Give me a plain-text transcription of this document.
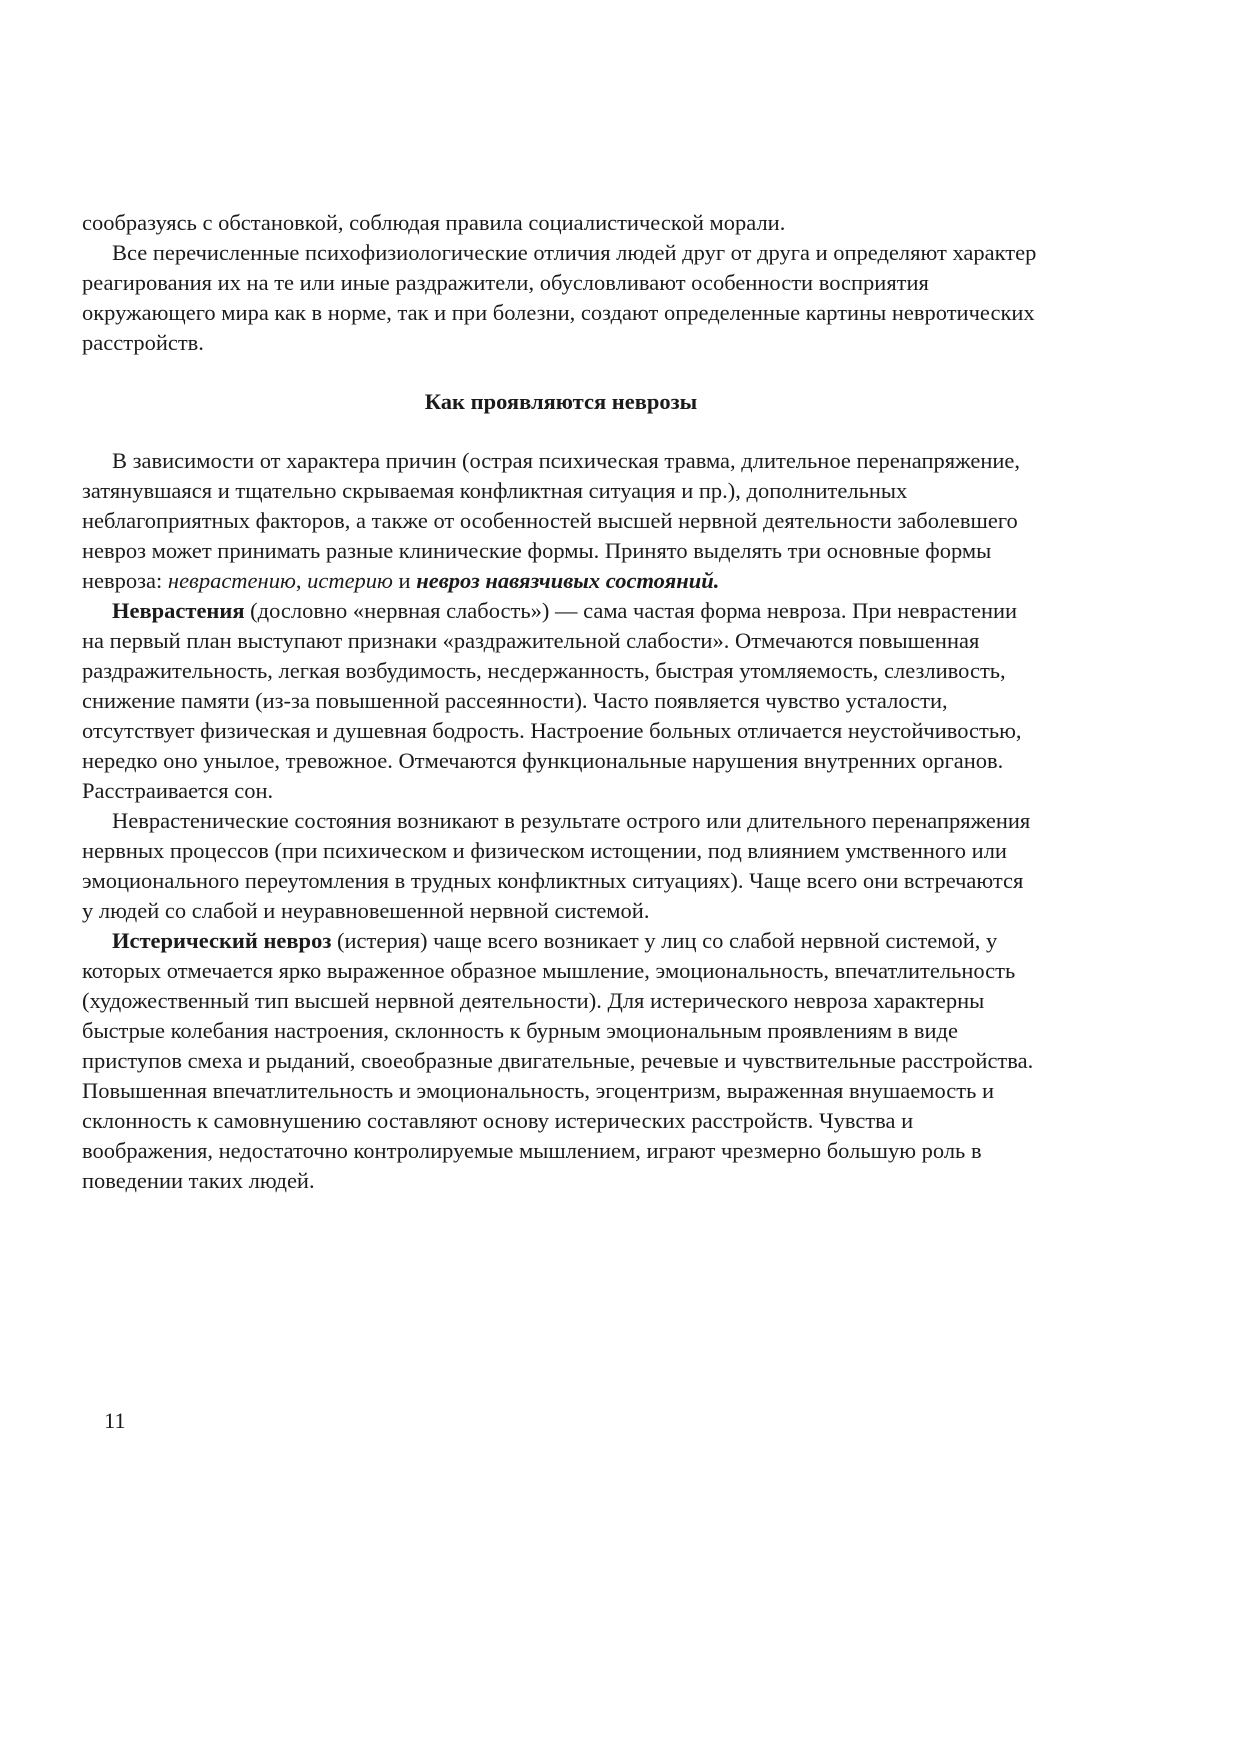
сообразуясь с обстановкой, соблюдая правила социалистической морали.

Все перечисленные психофизиологические отличия людей друг от друга и определяют характер реагирования их на те или иные раздражители, обусловливают особенности восприятия окружающего мира как в норме, так и при болезни, создают определенные картины невротических расстройств.

Как проявляются неврозы

В зависимости от характера причин (острая психическая травма, длительное перенапряжение, затянувшаяся и тщательно скрываемая конфликтная ситуация и пр.), дополнительных неблагоприятных факторов, а также от особенностей высшей нервной деятельности заболевшего невроз может принимать разные клинические формы. Принято выделять три основные формы невроза: неврастению, истерию и невроз навязчивых состояний.

Неврастения (дословно «нервная слабость») — сама частая форма невроза. При неврастении на первый план выступают признаки «раздражительной слабости». Отмечаются повышенная раздражительность, легкая возбудимость, несдержанность, быстрая утомляемость, слезливость, снижение памяти (из-за повышенной рассеянности). Часто появляется чувство усталости, отсутствует физическая и душевная бодрость. Настроение больных отличается неустойчивостью, нередко оно унылое, тревожное. Отмечаются функциональные нарушения внутренних органов. Расстраивается сон.

Неврастенические состояния возникают в результате острого или длительного перенапряжения нервных процессов (при психическом и физическом истощении, под влиянием умственного или эмоционального переутомления в трудных конфликтных ситуациях). Чаще всего они встречаются у людей со слабой и неуравновешенной нервной системой.

Истерический невроз (истерия) чаще всего возникает у лиц со слабой нервной системой, у которых отмечается ярко выраженное образное мышление, эмоциональность, впечатлительность (художественный тип высшей нервной деятельности). Для истерического невроза характерны быстрые колебания настроения, склонность к бурным эмоциональным проявлениям в виде приступов смеха и рыданий, своеобразные двигательные, речевые и чувствительные расстройства. Повышенная впечатлительность и эмоциональность, эгоцентризм, выраженная внушаемость и склонность к самовнушению составляют основу истерических расстройств. Чувства и воображения, недостаточно контролируемые мышлением, играют чрезмерно большую роль в поведении таких людей.

11
